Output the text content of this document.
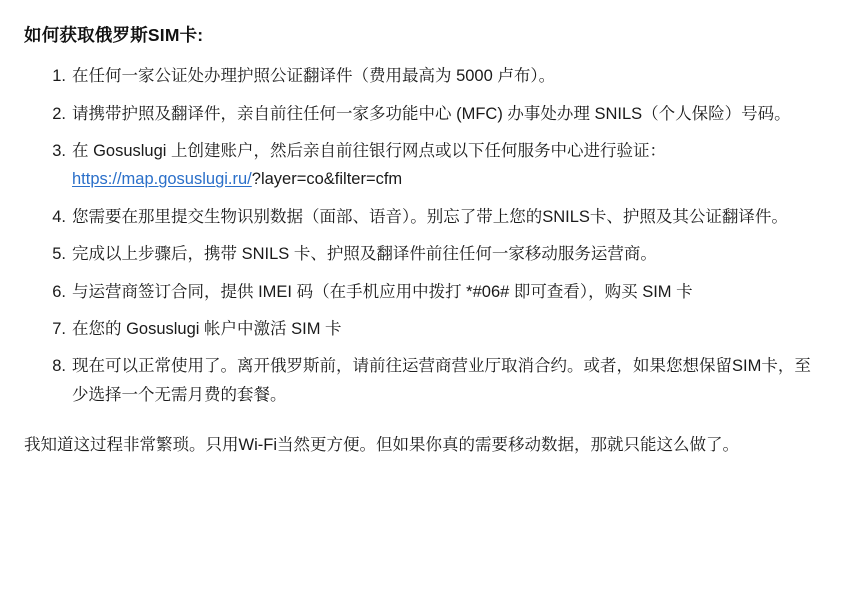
如何获取俄罗斯SIM卡:
在任何一家公证处办理护照公证翻译件（费用最高为 5000 卢布）。
请携带护照及翻译件，亲自前往任何一家多功能中心 (MFC) 办事处办理 SNILS（个人保险）号码。
在 Gosuslugi 上创建账户，然后亲自前往银行网点或以下任何服务中心进行验证：https://map.gosuslugi.ru/?layer=co&filter=cfm
您需要在那里提交生物识别数据（面部、语音）。别忘了带上您的SNILS卡、护照及其公证翻译件。
完成以上步骤后，携带 SNILS 卡、护照及翻译件前往任何一家移动服务运营商。
与运营商签订合同，提供 IMEI 码（在手机应用中拨打 *#06# 即可查看），购买 SIM 卡
在您的 Gosuslugi 帐户中激活 SIM 卡
现在可以正常使用了。离开俄罗斯前，请前往运营商营业厅取消合约。或者，如果您想保留SIM卡，至少选择一个无需月费的套餐。

我知道这过程非常繁琐。只用Wi-Fi当然更方便。但如果你真的需要移动数据，那就只能这么做了。
